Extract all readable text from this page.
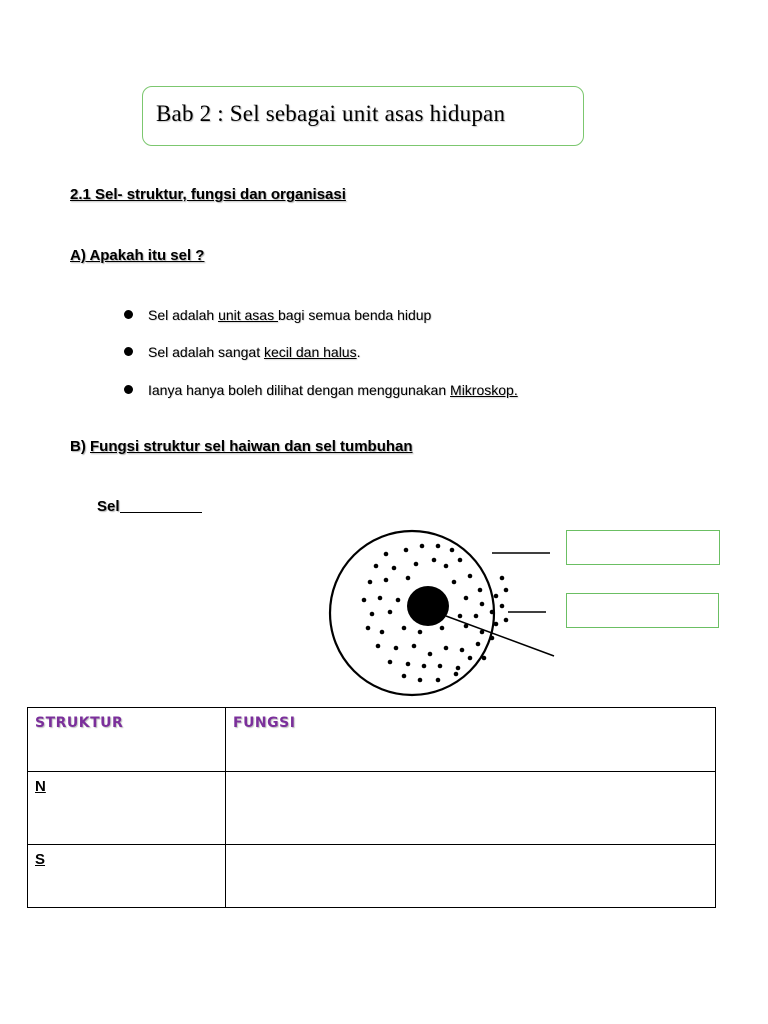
Bab 2 : Sel sebagai unit asas hidupan
2.1 Sel- struktur, fungsi dan organisasi
A) Apakah itu sel ?
Sel adalah unit asas bagi semua benda hidup
Sel adalah sangat kecil dan halus.
Ianya hanya boleh dilihat dengan menggunakan Mikroskop.
B) Fungsi struktur sel haiwan dan sel tumbuhan
Sel
STRUKTUR	FUNGSI
N	
S	
